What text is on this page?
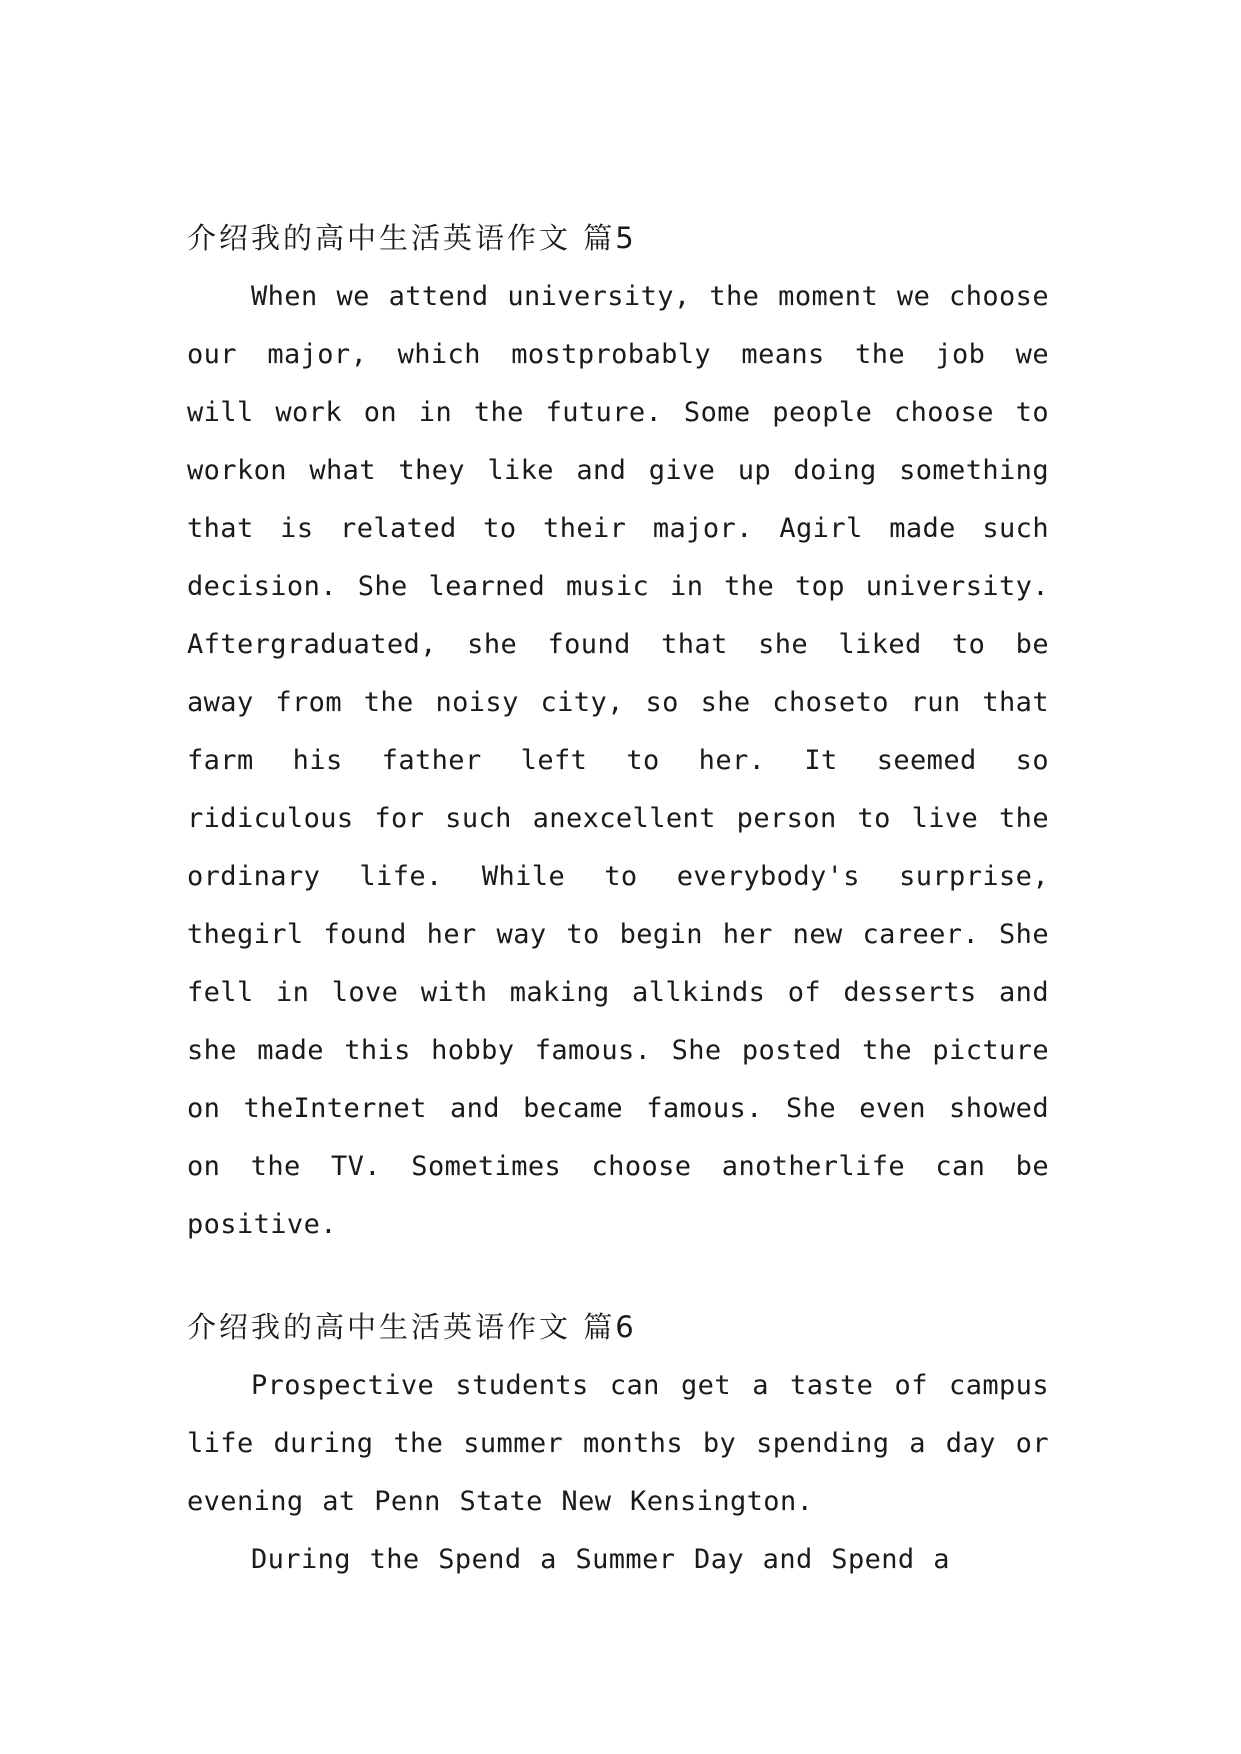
介绍我的高中生活英语作文 篇5

When we attend university, the moment we choose our major, which mostprobably means the job we will work on in the future. Some people choose to workon what they like and give up doing something that is related to their major. Agirl made such decision. She learned music in the top university. Aftergraduated, she found that she liked to be away from the noisy city, so she choseto run that farm his father left to her. It seemed so ridiculous for such anexcellent person to live the ordinary life. While to everybody's surprise, thegirl found her way to begin her new career. She fell in love with making allkinds of desserts and she made this hobby famous. She posted the picture on theInternet and became famous. She even showed on the TV. Sometimes choose anotherlife can be positive.

介绍我的高中生活英语作文 篇6

Prospective students can get a taste of campus life during the summer months by spending a day or evening at Penn State New Kensington.

During the Spend a Summer Day and Spend a
